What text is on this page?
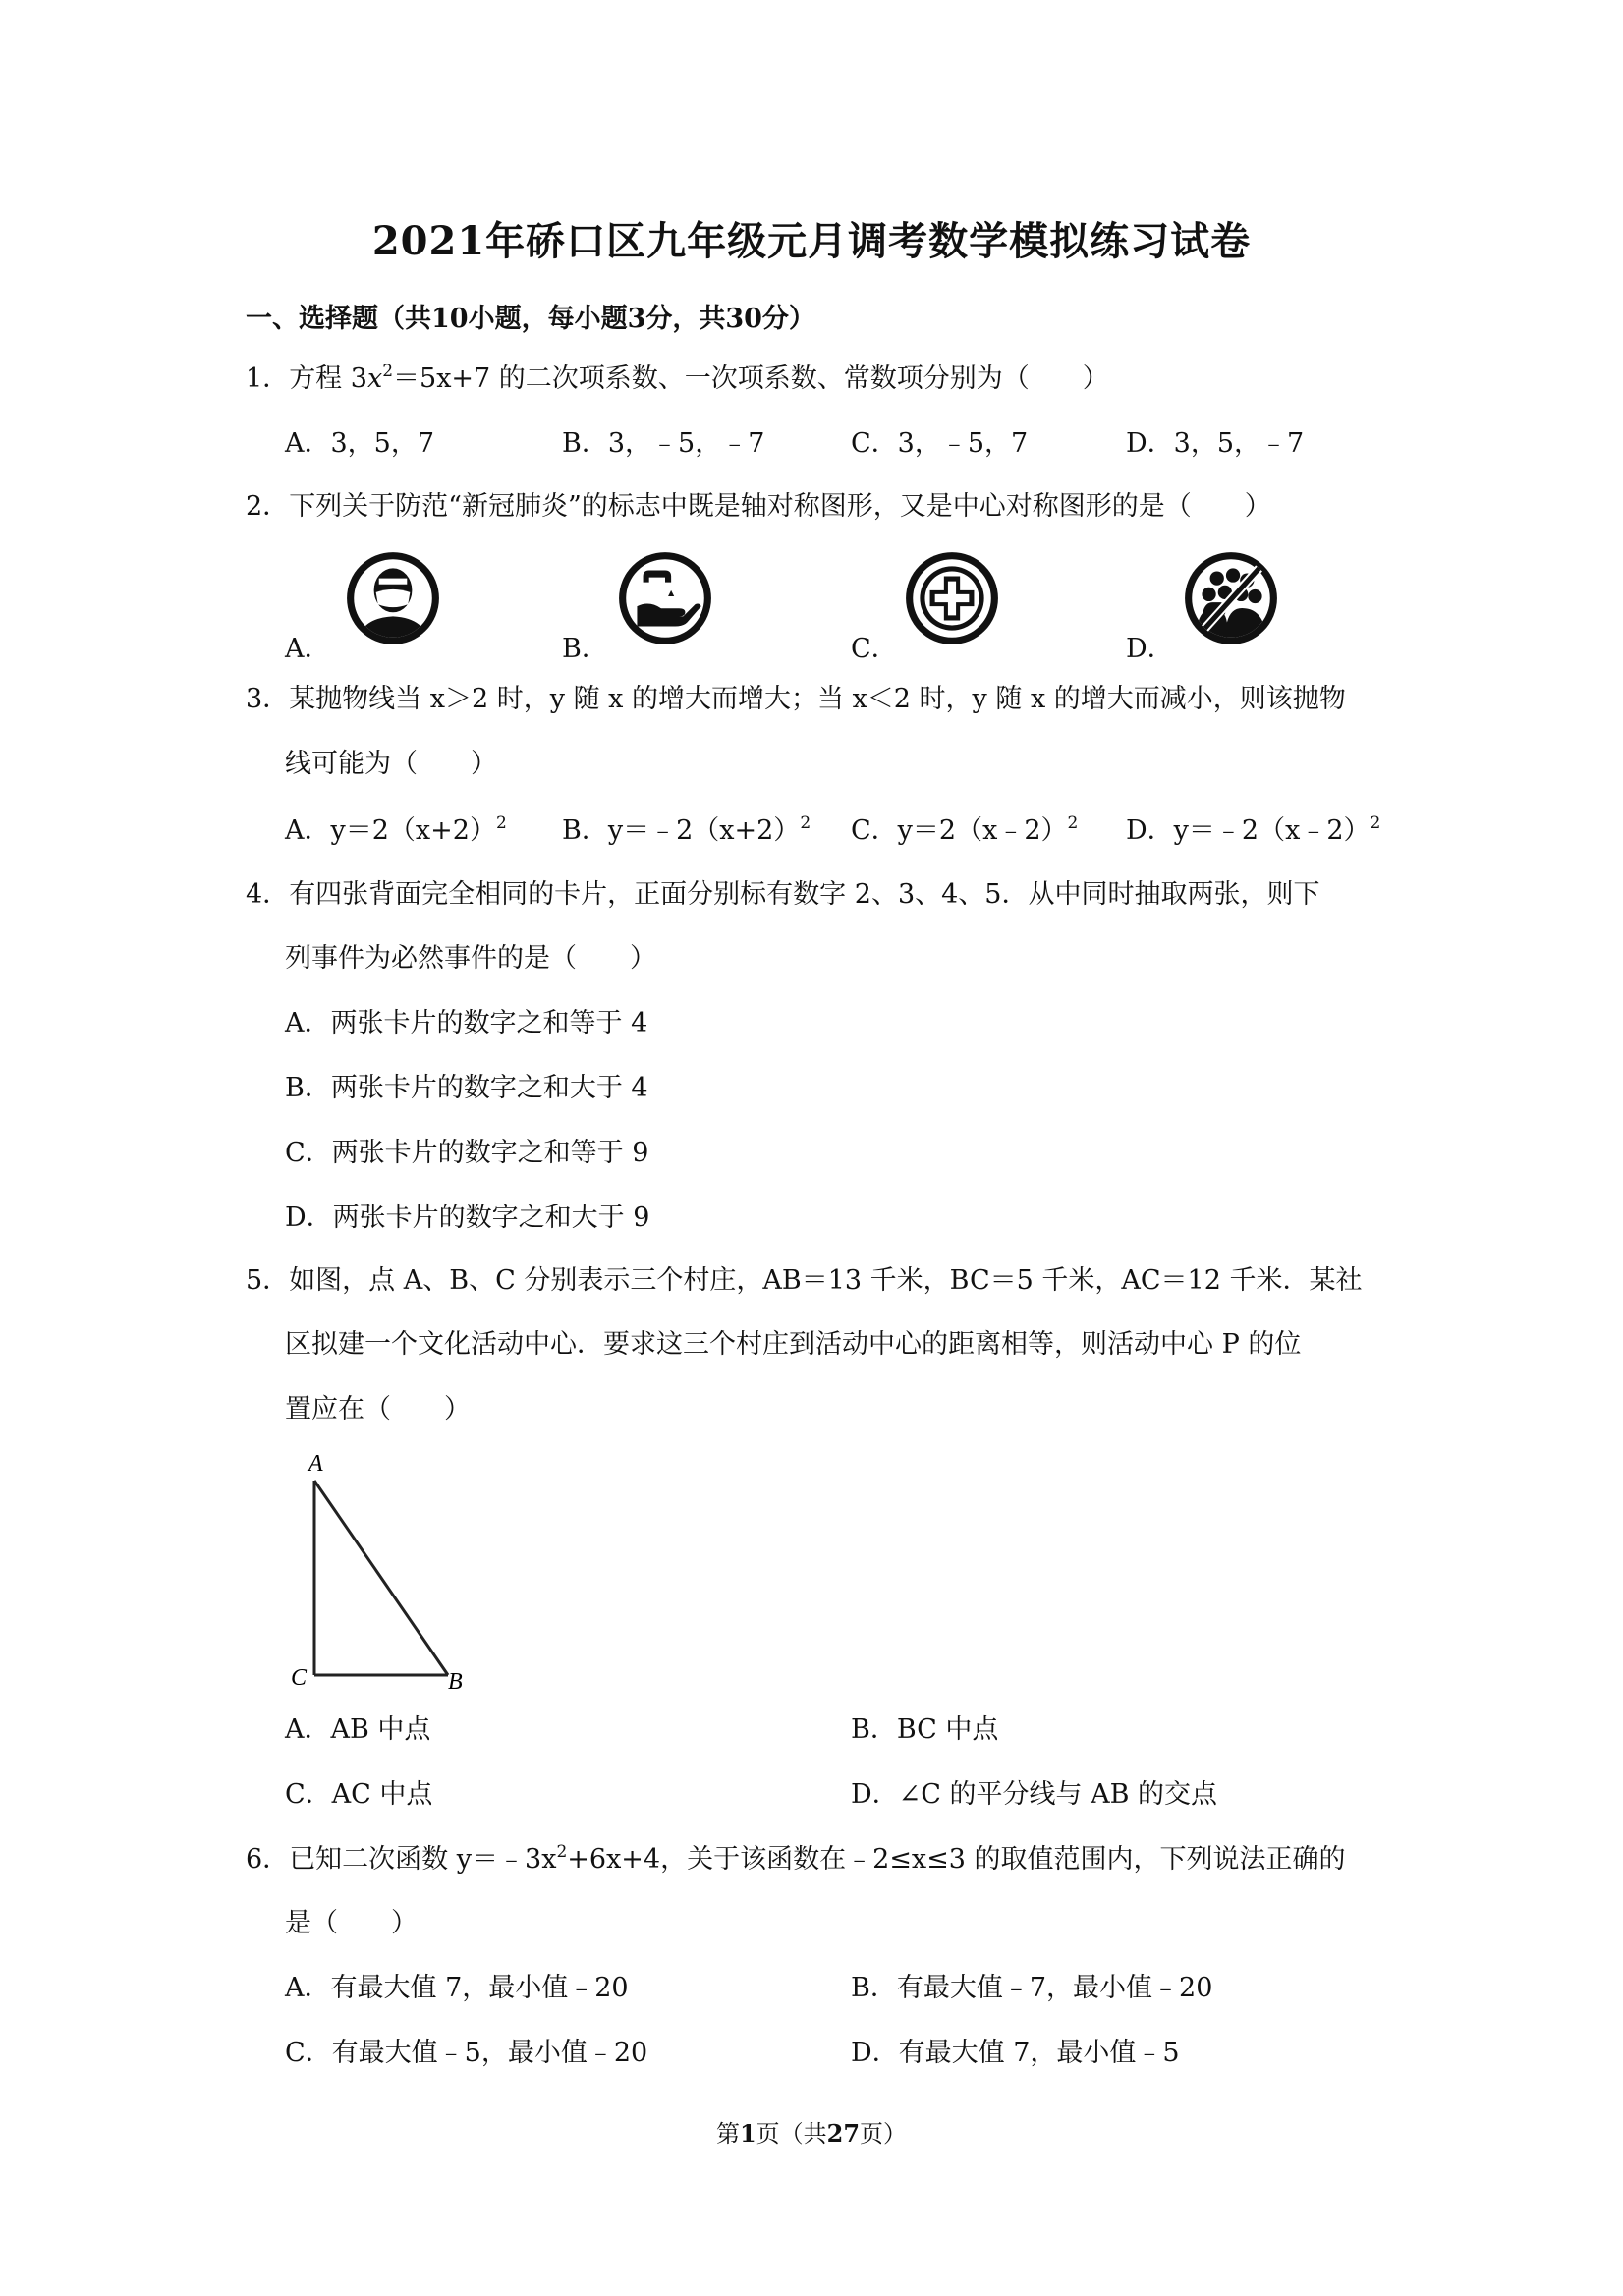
2021年硚口区九年级元月调考数学模拟练习试卷
一、选择题（共10小题，每小题3分，共30分）
1．方程 $3x^2=5x+7$ 的二次项系数、一次项系数、常数项分别为（　　）
A．3，5，7	B．3，﹣5，﹣7	C．3，﹣5，7	D．3，5，﹣7
2．下列关于防范“新冠肺炎”的标志中既是轴对称图形，又是中心对称图形的是（　　）
A．	B．	C．	D．
3．某抛物线当 x＞2 时，y 随 x 的增大而增大；当 x＜2 时，y 随 x 的增大而减小，则该抛物
线可能为（　　）
A．$y=2(x+2)^2$ B．$y=﹣2(x+2)^2$ C．y＝2（x﹣2）$^2$ D．y＝﹣2（x﹣2）$^2$
4．有四张背面完全相同的卡片，正面分别标有数字 2、3、4、5．从中同时抽取两张，则下
列事件为必然事件的是（　　）
A．两张卡片的数字之和等于 4
B．两张卡片的数字之和大于 4
C．两张卡片的数字之和等于 9
D．两张卡片的数字之和大于 9
5．如图，点 A、B、C 分别表示三个村庄，AB＝13 千米，BC＝5 千米，AC＝12 千米．某社
区拟建一个文化活动中心．要求这三个村庄到活动中心的距离相等，则活动中心 P 的位
置应在（　　）
A
C	B
A．AB 中点	B．BC 中点
C．AC 中点	D．∠C 的平分线与 AB 的交点
6．已知二次函数 $y=﹣3x^2+6x+4$，关于该函数在﹣2≤x≤3 的取值范围内，下列说法正确的
是（　　）
A．有最大值 7，最小值﹣20	B．有最大值﹣7，最小值﹣20
C．有最大值﹣5，最小值﹣20	D．有最大值 7，最小值﹣5
第1页（共27页）
